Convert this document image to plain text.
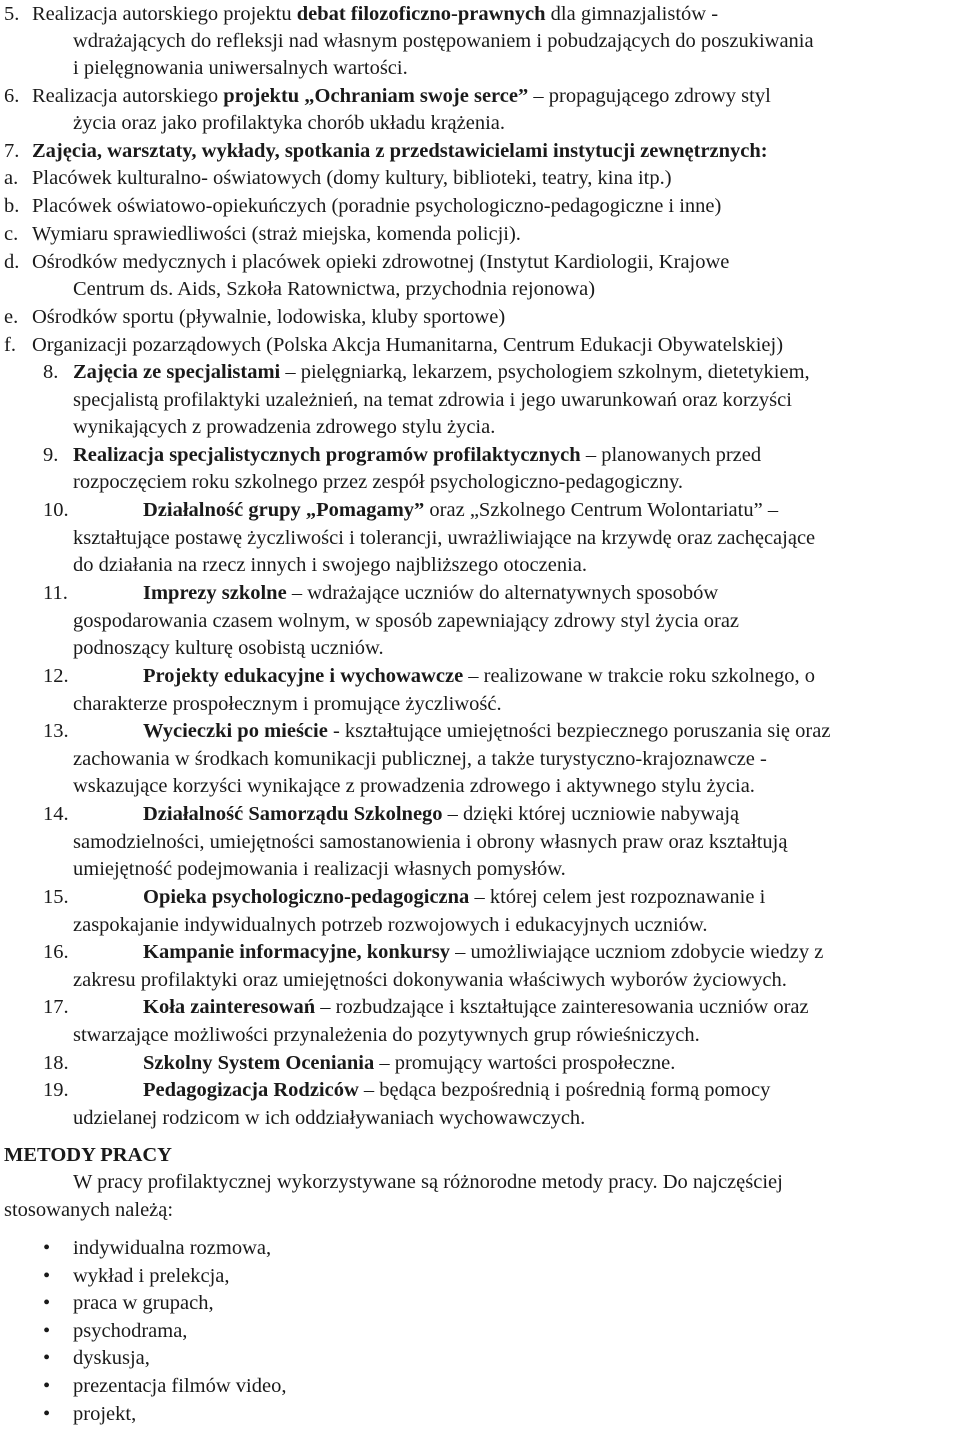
5. Realizacja autorskiego projektu debat filozoficzno-prawnych dla gimnazjalistów -
wdrażających do refleksji nad własnym postępowaniem i pobudzających do poszukiwania
i pielęgnowania uniwersalnych wartości.
6. Realizacja autorskiego projektu „Ochraniam swoje serce” – propagującego zdrowy styl
życia oraz jako profilaktyka chorób układu krążenia.
7. Zajęcia, warsztaty, wykłady, spotkania z przedstawicielami instytucji zewnętrznych:
a. Placówek kulturalno- oświatowych (domy kultury, biblioteki, teatry, kina itp.)
b. Placówek oświatowo-opiekuńczych (poradnie psychologiczno-pedagogiczne i inne)
c. Wymiaru sprawiedliwości (straż miejska, komenda policji).
d. Ośrodków medycznych i placówek opieki zdrowotnej (Instytut Kardiologii, Krajowe
Centrum ds. Aids, Szkoła Ratownictwa, przychodnia rejonowa)
e. Ośrodków sportu (pływalnie, lodowiska, kluby sportowe)
f. Organizacji pozarządowych (Polska Akcja Humanitarna, Centrum Edukacji Obywatelskiej)
8. Zajęcia ze specjalistami – pielęgniarką, lekarzem, psychologiem szkolnym, dietetykiem,
specjalistą profilaktyki uzależnień, na temat zdrowia i jego uwarunkowań oraz korzyści
wynikających z prowadzenia zdrowego stylu życia.
9. Realizacja specjalistycznych programów profilaktycznych – planowanych przed
rozpoczęciem roku szkolnego przez zespół psychologiczno-pedagogiczny.
10.	Działalność grupy „Pomagamy” oraz „Szkolnego Centrum Wolontariatu” –
kształtujące postawę życzliwości i tolerancji, uwrażliwiające na krzywdę oraz zachęcające
do działania na rzecz innych i swojego najbliższego otoczenia.
11.	Imprezy szkolne – wdrażające uczniów do alternatywnych sposobów
gospodarowania czasem wolnym, w sposób zapewniający zdrowy styl życia oraz
podnoszący kulturę osobistą uczniów.
12.	Projekty edukacyjne i wychowawcze – realizowane w trakcie roku szkolnego, o
charakterze prospołecznym i promujące życzliwość.
13.	Wycieczki po mieście - kształtujące umiejętności bezpiecznego poruszania się oraz
zachowania w środkach komunikacji publicznej, a także turystyczno-krajoznawcze -
wskazujące korzyści wynikające z prowadzenia zdrowego i aktywnego stylu życia.
14.	Działalność Samorządu Szkolnego – dzięki której uczniowie nabywają
samodzielności, umiejętności samostanowienia i obrony własnych praw oraz kształtują
umiejętność podejmowania i realizacji własnych pomysłów.
15.	Opieka psychologiczno-pedagogiczna – której celem jest rozpoznawanie i
zaspokajanie indywidualnych potrzeb rozwojowych i edukacyjnych uczniów.
16.	Kampanie informacyjne, konkursy – umożliwiające uczniom zdobycie wiedzy z
zakresu profilaktyki oraz umiejętności dokonywania właściwych wyborów życiowych.
17.	Koła zainteresowań – rozbudzające i kształtujące zainteresowania uczniów oraz
stwarzające możliwości przynależenia do pozytywnych grup rówieśniczych.
18.	Szkolny System Oceniania – promujący wartości prospołeczne.
19.	Pedagogizacja Rodziców – będąca bezpośrednią i pośrednią formą pomocy
udzielanej rodzicom w ich oddziaływaniach wychowawczych.
METODY PRACY
W pracy profilaktycznej wykorzystywane są różnorodne metody pracy. Do najczęściej
stosowanych należą:
• indywidualna rozmowa,
• wykład i prelekcja,
• praca w grupach,
• psychodrama,
• dyskusja,
• prezentacja filmów video,
• projekt,
